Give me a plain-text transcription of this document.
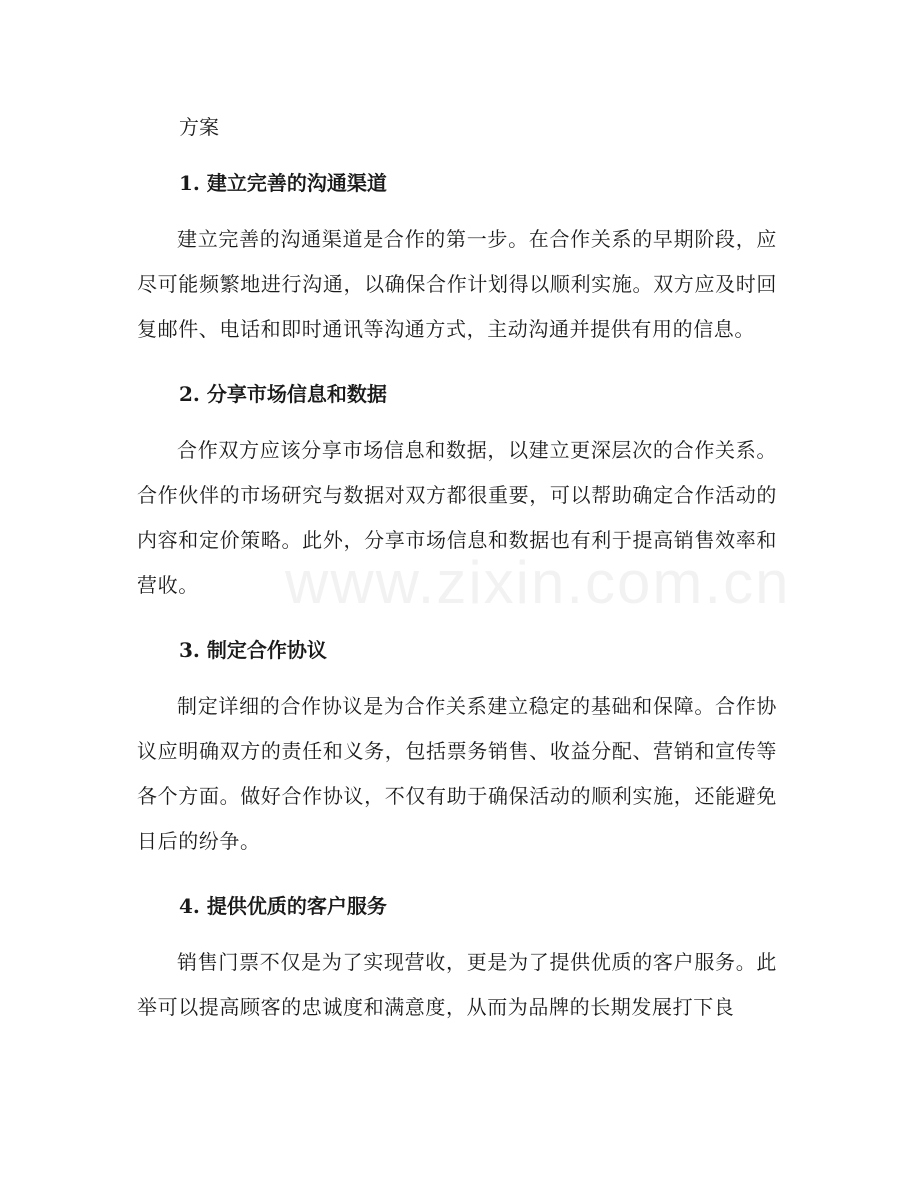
www.zixin.com.cn

方案

1. 建立完善的沟通渠道

建立完善的沟通渠道是合作的第一步。在合作关系的早期阶段，应尽可能频繁地进行沟通，以确保合作计划得以顺利实施。双方应及时回复邮件、电话和即时通讯等沟通方式，主动沟通并提供有用的信息。

2. 分享市场信息和数据

合作双方应该分享市场信息和数据，以建立更深层次的合作关系。合作伙伴的市场研究与数据对双方都很重要，可以帮助确定合作活动的内容和定价策略。此外，分享市场信息和数据也有利于提高销售效率和营收。

3. 制定合作协议

制定详细的合作协议是为合作关系建立稳定的基础和保障。合作协议应明确双方的责任和义务，包括票务销售、收益分配、营销和宣传等各个方面。做好合作协议，不仅有助于确保活动的顺利实施，还能避免日后的纷争。

4. 提供优质的客户服务

销售门票不仅是为了实现营收，更是为了提供优质的客户服务。此举可以提高顾客的忠诚度和满意度，从而为品牌的长期发展打下良
